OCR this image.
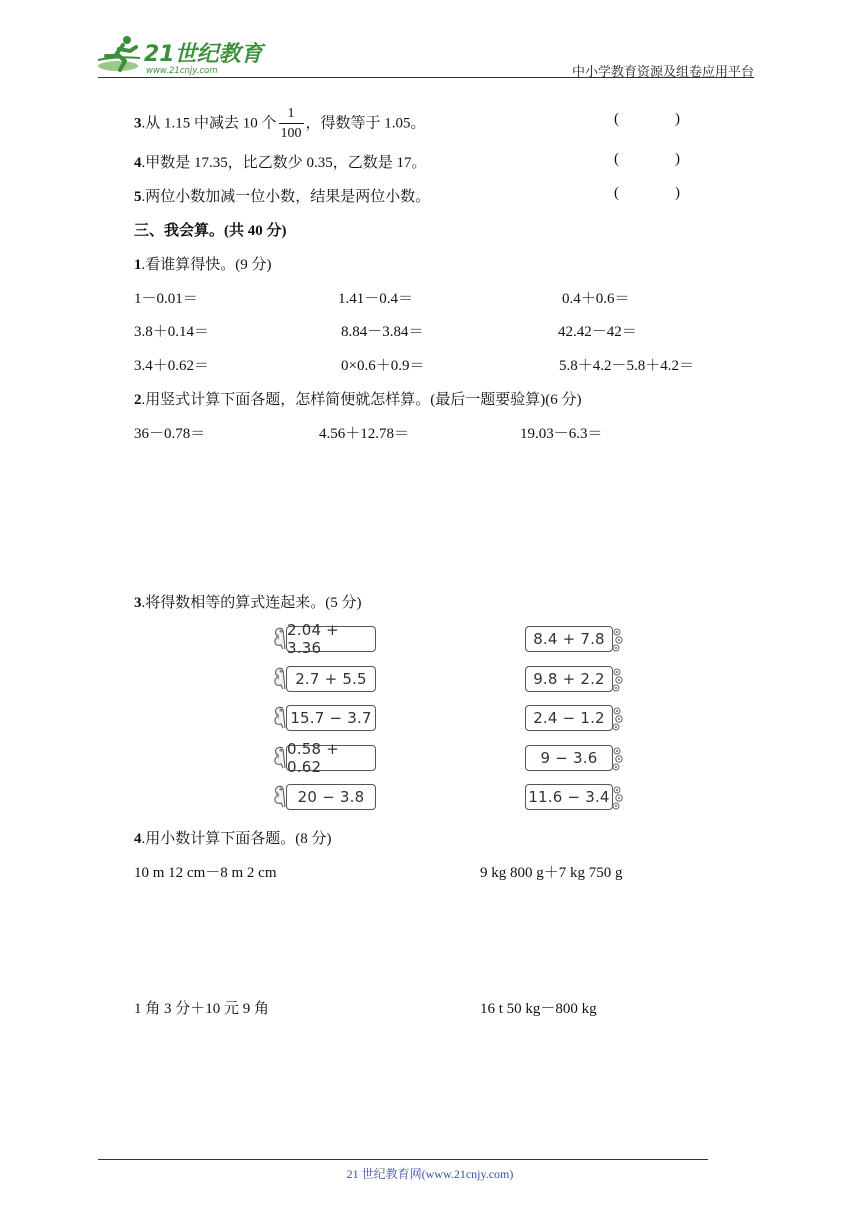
21世纪教育
www.21cnjy.com	中小学教育资源及组卷应用平台
3.从 1.15 中减去 10 个 $\frac{1}{100}$ ，得数等于 1.05。	(	)
4.甲数是 17.35，比乙数少 0.35，乙数是 17。	(	)
5.两位小数加减一位小数，结果是两位小数。	(	)
三、我会算。(共 40 分)
1.看谁算得快。(9 分)
1－0.01＝	1.41－0.4＝	0.4＋0.6＝
3.8＋0.14＝	8.84－3.84＝	42.42－42＝
3.4＋0.62＝	0×0.6＋0.9＝	5.8＋4.2－5.8＋4.2＝
2.用竖式计算下面各题，怎样简便就怎样算。(最后一题要验算)(6 分)
36－0.78＝	4.56＋12.78＝	19.03－6.3＝
3.将得数相等的算式连起来。(5 分)
2.04 + 3.36	8.4 + 7.8
2.7 + 5.5	9.8 + 2.2
15.7 − 3.7	2.4 − 1.2
0.58 + 0.62	9 − 3.6
20 − 3.8	11.6 − 3.4
4.用小数计算下面各题。(8 分)
10 m 12 cm－8 m 2 cm	9 kg 800 g＋7 kg 750 g
1 角 3 分＋10 元 9 角	16 t 50 kg－800 kg
21 世纪教育网(www.21cnjy.com)
